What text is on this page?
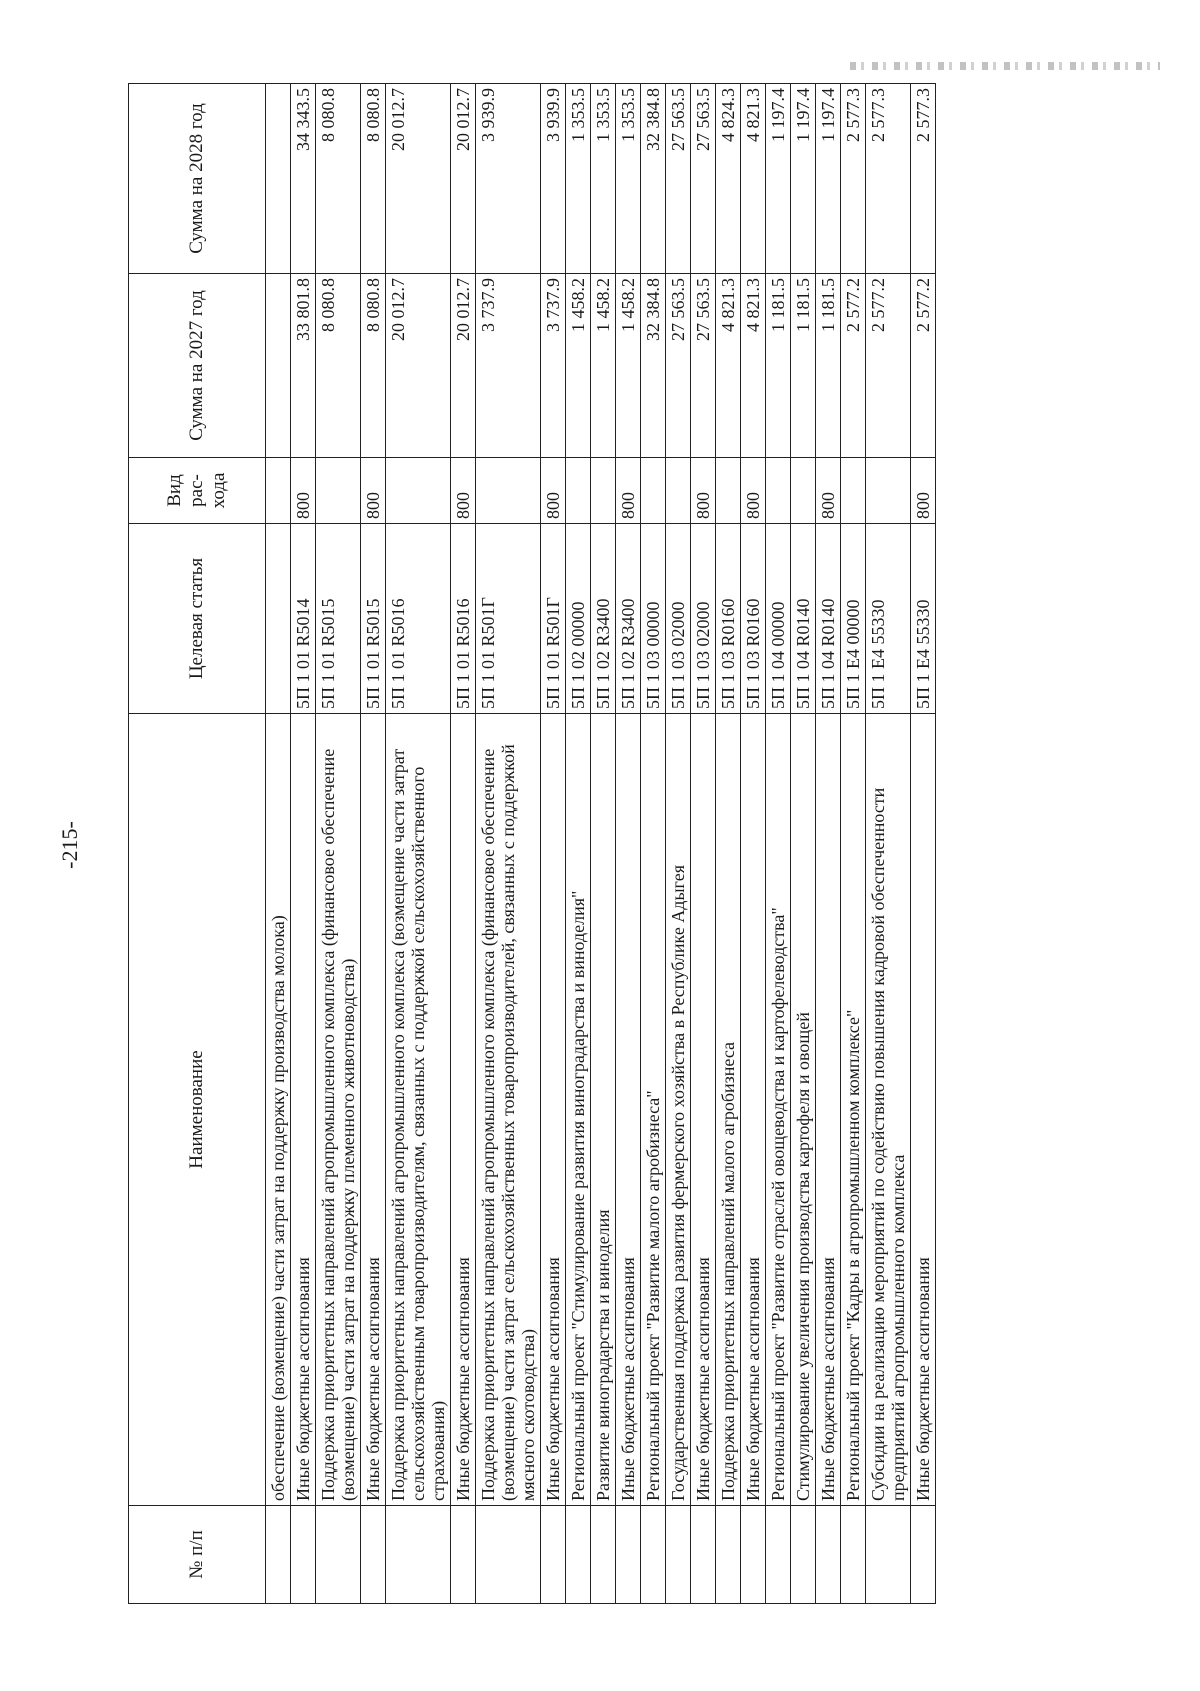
-215-
№ п/п	Наименование	Целевая статья	Вид рас- хода	Сумма на 2027 год	Сумма на 2028 год
	обеспечение (возмещение) части затрат на поддержку производства молока)				
	Иные бюджетные ассигнования	5П 1 01 R5014	800	33 801.8	34 343.5
	Поддержка приоритетных направлений агропромышленного комплекса (финансовое обеспечение (возмещение) части затрат на поддержку племенного животноводства)	5П 1 01 R5015		8 080.8	8 080.8
	Иные бюджетные ассигнования	5П 1 01 R5015	800	8 080.8	8 080.8
	Поддержка приоритетных направлений агропромышленного комплекса (возмещение части затрат сельскохозяйственным товаропроизводителям, связанных с поддержкой сельскохозяйственного страхования)	5П 1 01 R5016		20 012.7	20 012.7
	Иные бюджетные ассигнования	5П 1 01 R5016	800	20 012.7	20 012.7
	Поддержка приоритетных направлений агропромышленного комплекса (финансовое обеспечение (возмещение) части затрат сельскохозяйственных товаропроизводителей, связанных с поддержкой мясного скотоводства)	5П 1 01 R501Г		3 737.9	3 939.9
	Иные бюджетные ассигнования	5П 1 01 R501Г	800	3 737.9	3 939.9
	Региональный проект "Стимулирование развития виноградарства и виноделия"	5П 1 02 00000		1 458.2	1 353.5
	Развитие виноградарства и виноделия	5П 1 02 R3400		1 458.2	1 353.5
	Иные бюджетные ассигнования	5П 1 02 R3400	800	1 458.2	1 353.5
	Региональный проект "Развитие малого агробизнеса"	5П 1 03 00000		32 384.8	32 384.8
	Государственная поддержка развития фермерского хозяйства в Республике Адыгея	5П 1 03 02000		27 563.5	27 563.5
	Иные бюджетные ассигнования	5П 1 03 02000	800	27 563.5	27 563.5
	Поддержка приоритетных направлений малого агробизнеса	5П 1 03 R0160		4 821.3	4 824.3
	Иные бюджетные ассигнования	5П 1 03 R0160	800	4 821.3	4 821.3
	Региональный проект "Развитие отраслей овощеводства и картофелеводства"	5П 1 04 00000		1 181.5	1 197.4
	Стимулирование увеличения производства картофеля и овощей	5П 1 04 R0140		1 181.5	1 197.4
	Иные бюджетные ассигнования	5П 1 04 R0140	800	1 181.5	1 197.4
	Региональный проект "Кадры в агропромышленном комплексе"	5П 1 Е4 00000		2 577.2	2 577.3
	Субсидии на реализацию мероприятий по содействию повышения кадровой обеспеченности предприятий агропромышленного комплекса	5П 1 Е4 55330		2 577.2	2 577.3
	Иные бюджетные ассигнования	5П 1 Е4 55330	800	2 577.2	2 577.3
